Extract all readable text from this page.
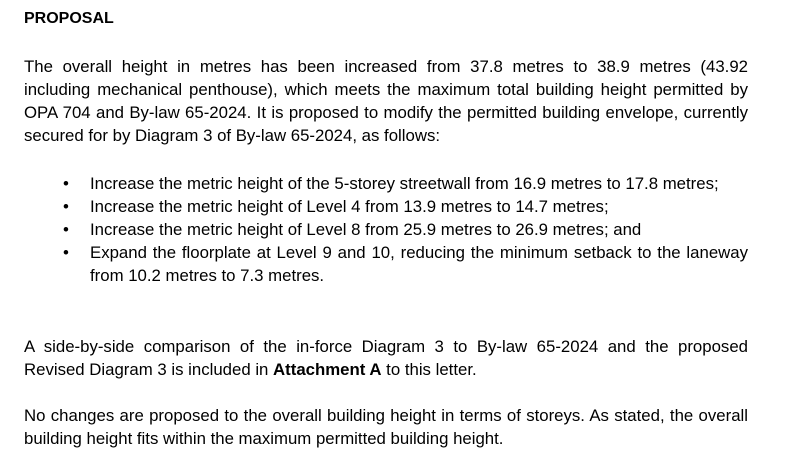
PROPOSAL

The overall height in metres has been increased from 37.8 metres to 38.9 metres (43.92 including mechanical penthouse), which meets the maximum total building height permitted by OPA 704 and By-law 65-2024. It is proposed to modify the permitted building envelope, currently secured for by Diagram 3 of By-law 65-2024, as follows:

• Increase the metric height of the 5-storey streetwall from 16.9 metres to 17.8 metres;
• Increase the metric height of Level 4 from 13.9 metres to 14.7 metres;
• Increase the metric height of Level 8 from 25.9 metres to 26.9 metres; and
• Expand the floorplate at Level 9 and 10, reducing the minimum setback to the laneway from 10.2 metres to 7.3 metres.

A side-by-side comparison of the in-force Diagram 3 to By-law 65-2024 and the proposed Revised Diagram 3 is included in Attachment A to this letter.

No changes are proposed to the overall building height in terms of storeys. As stated, the overall building height fits within the maximum permitted building height.
